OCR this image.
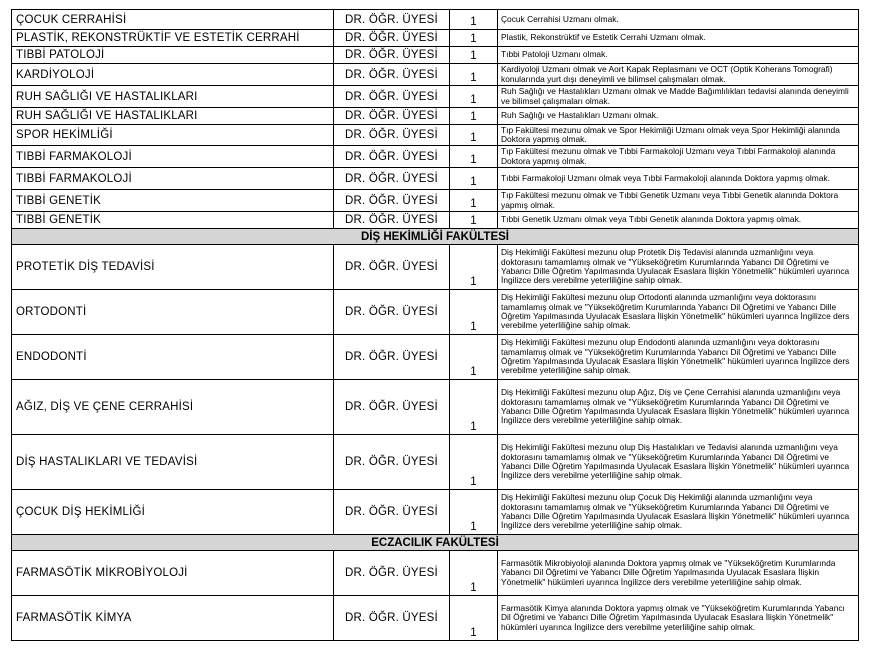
ÇOCUK CERRAHİSİ	DR. ÖĞR. ÜYESİ	1	Çocuk Cerrahisi Uzmanı olmak.
PLASTİK, REKONSTRÜKTİF VE ESTETİK CERRAHİ	DR. ÖĞR. ÜYESİ	1	Plastik, Rekonstrüktif ve Estetik Cerrahi Uzmanı olmak.
TIBBİ PATOLOJİ	DR. ÖĞR. ÜYESİ	1	Tıbbi Patoloji Uzmanı olmak.
KARDİYOLOJİ	DR. ÖĞR. ÜYESİ	1	Kardiyoloji Uzmanı olmak ve Aort Kapak Replasmanı ve OCT (Optik Koherans Tomografi) konularında yurt dışı deneyimli ve bilimsel çalışmaları olmak.
RUH SAĞLIĞI VE HASTALIKLARI	DR. ÖĞR. ÜYESİ	1	Ruh Sağlığı ve Hastalıkları Uzmanı olmak ve Madde Bağımlılıkları tedavisi alanında deneyimli ve bilimsel çalışmaları olmak.
RUH SAĞLIĞI VE HASTALIKLARI	DR. ÖĞR. ÜYESİ	1	Ruh Sağlığı ve Hastalıkları Uzmanı olmak.
SPOR HEKİMLİĞİ	DR. ÖĞR. ÜYESİ	1	Tıp Fakültesi mezunu olmak ve Spor Hekimliği Uzmanı olmak veya Spor Hekimliği alanında Doktora yapmış olmak.
TIBBİ FARMAKOLOJİ	DR. ÖĞR. ÜYESİ	1	Tıp Fakültesi mezunu olmak ve Tıbbi Farmakoloji Uzmanı veya Tıbbi Farmakoloji alanında Doktora yapmış olmak.
TIBBİ FARMAKOLOJİ	DR. ÖĞR. ÜYESİ	1	Tıbbi Farmakoloji Uzmanı olmak veya Tıbbi Farmakoloji alanında Doktora yapmış olmak.
TIBBİ GENETİK	DR. ÖĞR. ÜYESİ	1	Tıp Fakültesi mezunu olmak ve Tıbbi Genetik Uzmanı veya Tıbbi Genetik alanında Doktora yapmış olmak.
TIBBİ GENETİK	DR. ÖĞR. ÜYESİ	1	Tıbbi Genetik Uzmanı olmak veya Tıbbi Genetik alanında Doktora yapmış olmak.
DİŞ HEKİMLİĞİ FAKÜLTESİ			
PROTETİK DİŞ TEDAVİSİ	DR. ÖĞR. ÜYESİ	1	Diş Hekimliği Fakültesi mezunu olup Protetik Diş Tedavisi alanında uzmanlığını veya doktorasını tamamlamış olmak ve "Yükseköğretim Kurumlarında Yabancı Dil Öğretimi ve Yabancı Dille Öğretim Yapılmasında Uyulacak Esaslara İlişkin Yönetmelik" hükümleri uyarınca İngilizce ders verebilme yeterliliğine sahip olmak.
ORTODONTİ	DR. ÖĞR. ÜYESİ	1	Diş Hekimliği Fakültesi mezunu olup Ortodonti alanında uzmanlığını veya doktorasını tamamlamış olmak ve "Yükseköğretim Kurumlarında Yabancı Dil Öğretimi ve Yabancı Dille Öğretim Yapılmasında Uyulacak Esaslara İlişkin Yönetmelik" hükümleri uyarınca İngilizce ders verebilme yeterliliğine sahip olmak.
ENDODONTİ	DR. ÖĞR. ÜYESİ	1	Diş Hekimliği Fakültesi mezunu olup Endodonti alanında uzmanlığını veya doktorasını tamamlamış olmak ve "Yükseköğretim Kurumlarında Yabancı Dil Öğretimi ve Yabancı Dille Öğretim Yapılmasında Uyulacak Esaslara İlişkin Yönetmelik" hükümleri uyarınca İngilizce ders verebilme yeterliliğine sahip olmak.
AĞIZ, DİŞ VE ÇENE CERRAHİSİ	DR. ÖĞR. ÜYESİ	1	Diş Hekimliği Fakültesi mezunu olup Ağız, Diş ve Çene Cerrahisi alanında uzmanlığını veya doktorasını tamamlamış olmak ve "Yükseköğretim Kurumlarında Yabancı Dil Öğretimi ve Yabancı Dille Öğretim Yapılmasında Uyulacak Esaslara İlişkin Yönetmelik" hükümleri uyarınca İngilizce ders verebilme yeterliliğine sahip olmak.
DİŞ HASTALIKLARI VE TEDAVİSİ	DR. ÖĞR. ÜYESİ	1	Diş Hekimliği Fakültesi mezunu olup Diş Hastalıkları ve Tedavisi alanında uzmanlığını veya doktorasını tamamlamış olmak ve "Yükseköğretim Kurumlarında Yabancı Dil Öğretimi ve Yabancı Dille Öğretim Yapılmasında Uyulacak Esaslara İlişkin Yönetmelik" hükümleri uyarınca İngilizce ders verebilme yeterliliğine sahip olmak.
ÇOCUK DİŞ HEKİMLİĞİ	DR. ÖĞR. ÜYESİ	1	Diş Hekimliği Fakültesi mezunu olup Çocuk Diş Hekimliği alanında uzmanlığını veya doktorasını tamamlamış olmak ve "Yükseköğretim Kurumlarında Yabancı Dil Öğretimi ve Yabancı Dille Öğretim Yapılmasında Uyulacak Esaslara İlişkin Yönetmelik" hükümleri uyarınca İngilizce ders verebilme yeterliliğine sahip olmak.
ECZACILIK FAKÜLTESİ			
FARMASÖTİK MİKROBİYOLOJİ	DR. ÖĞR. ÜYESİ	1	Farmasötik Mikrobiyoloji alanında Doktora yapmış olmak ve "Yükseköğretim Kurumlarında Yabancı Dil Öğretimi ve Yabancı Dille Öğretim Yapılmasında Uyulacak Esaslara İlişkin Yönetmelik" hükümleri uyarınca İngilizce ders verebilme yeterliliğine sahip olmak.
FARMASÖTİK KİMYA	DR. ÖĞR. ÜYESİ	1	Farmasötik Kimya alanında Doktora yapmış olmak ve "Yükseköğretim Kurumlarında Yabancı Dil Öğretimi ve Yabancı Dille Öğretim Yapılmasında Uyulacak Esaslara İlişkin Yönetmelik" hükümleri uyarınca İngilizce ders verebilme yeterliliğine sahip olmak.
